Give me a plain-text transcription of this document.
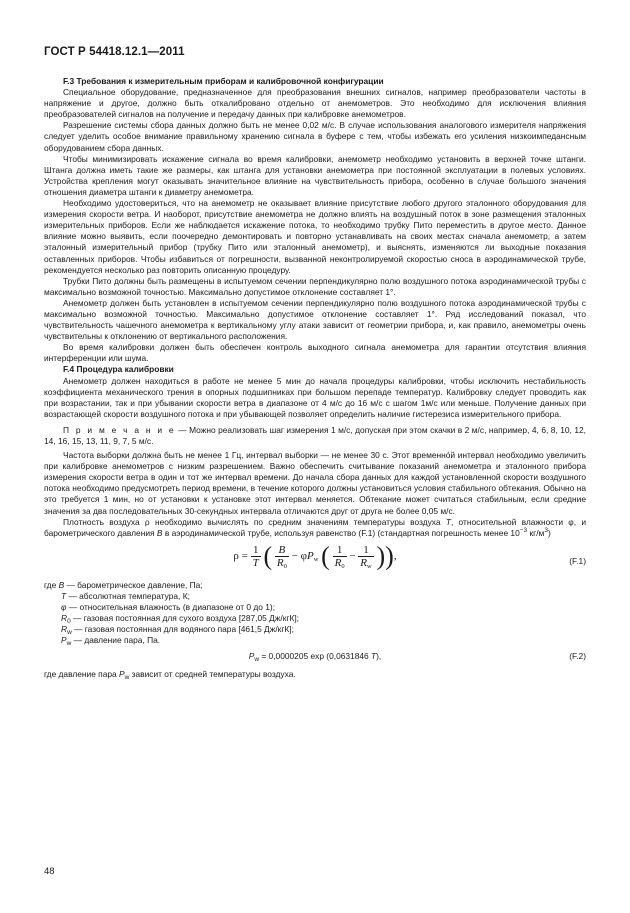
ГОСТ Р 54418.12.1—2011
F.3 Требования к измерительным приборам и калибровочной конфигурации

Специальное оборудование, предназначенное для преобразования внешних сигналов, например преобразователи частоты в напряжение и другое, должно быть откалибровано отдельно от анемометров. Это необходимо для исключения влияния преобразователей сигналов на получение и передачу данных при калибровке анемометров.

Разрешение системы сбора данных должно быть не менее 0,02 м/с. В случае использования аналогового измерителя напряжения следует уделить особое внимание правильному хранению сигнала в буфере с тем, чтобы избежать его усиления низкоимпедансным оборудованием сбора данных.

Чтобы минимизировать искажение сигнала во время калибровки, анемометр необходимо установить в верхней точке штанги. Штанга должна иметь такие же размеры, как штанга для установки анемометра при постоянной эксплуатации в полевых условиях. Устройства крепления могут оказывать значительное влияние на чувствительность прибора, особенно в случае большого значения отношения диаметра штанги к диаметру анемометра.

Необходимо удостовериться, что на анемометр не оказывает влияние присутствие любого другого эталонного оборудования для измерения скорости ветра. И наоборот, присутствие анемометра не должно влиять на воздушный поток в зоне размещения эталонных измерительных приборов. Если же наблюдается искажение потока, то необходимо трубку Пито переместить в другое место. Данное влияние можно выявить, если поочередно демонтировать и повторно устанавливать на своих местах сначала анемометр, а затем эталонный измерительный прибор (трубку Пито или эталонный анемометр), и выяснять, изменяются ли выходные показания оставленных приборов. Чтобы избавиться от погрешности, вызванной неконтролируемой скоростью сноса в аэродинамической трубе, рекомендуется несколько раз повторить описанную процедуру.

Трубки Пито должны быть размещены в испытуемом сечении перпендикулярно полю воздушного потока аэродинамической трубы с максимально возможной точностью. Максимально допустимое отклонение составляет 1°.

Анемометр должен быть установлен в испытуемом сечении перпендикулярно полю воздушного потока аэродинамической трубы с максимально возможной точностью. Максимально допустимое отклонение составляет 1°. Ряд исследований показал, что чувствительность чашечного анемометра к вертикальному углу атаки зависит от геометрии прибора, и, как правило, анемометры очень чувствительны к отклонению от вертикального расположения.

Во время калибровки должен быть обеспечен контроль выходного сигнала анемометра для гарантии отсутствия влияния интерференции или шума.

F.4 Процедура калибровки

Анемометр должен находиться в работе не менее 5 мин до начала процедуры калибровки, чтобы исключить нестабильность коэффициента механического трения в опорных подшипниках при большом перепаде температур. Калибровку следует проводить как при возрастании, так и при убывании скорости ветра в диапазоне от 4 м/с до 16 м/с с шагом 1м/с или меньше. Получение данных при возрастающей скорости воздушного потока и при убывающей позволяет определить наличие гистерезиса измерительного прибора.

П р и м е ч а н и е — Можно реализовать шаг измерения 1 м/с, допуская при этом скачки в 2 м/с, например, 4, 6, 8, 10, 12, 14, 16, 15, 13, 11, 9, 7, 5 м/с.

Частота выборки должна быть не менее 1 Гц, интервал выборки — не менее 30 с. Этот временно́й интервал необходимо увеличить при калибровке анемометров с низким разрешением. Важно обеспечить считывание показаний анемометра и эталонного прибора измерения скорости ветра в один и тот же интервал времени. До начала сбора данных для каждой установленной скорости воздушного потока необходимо предусмотреть период времени, в течение которого должны установиться условия стабильного обтекания. Обычно на это требуется 1 мин, но от установки к установке этот интервал меняется. Обтекание может считаться стабильным, если средние значения за два последовательных 30-секундных интервала отличаются друг от друга не более 0,05 м/с.

Плотность воздуха ρ необходимо вычислять по средним значениям температуры воздуха T, относительной влажности φ, и барометрического давления B в аэродинамической трубе, используя равенство (F.1) (стандартная погрешность менее $10^{-3}$ $кг/м^3$)

$\rho = \frac{1}{T}$ ( $\frac{B}{R_0} - \varphi P_w$ ( $\frac{1}{R_0} - \frac{1}{R_w}$ )),	(F.1)
где B — барометрическое давление, Па;
T — абсолютная температура, К;
φ — относительная влажность (в диапазоне от 0 до 1);
$R_0$ — газовая постоянная для сухого воздуха [287,05 Дж/кгК];
$R_w$ — газовая постоянная для водяного пара [461,5 Дж/кгК];
$P_w$ — давление пара, Па.
$P_w = 0,0000205$ exp (0,0631846 T),	(F.2)
где давление пара $P_w$ зависит от средней температуры воздуха.
48
